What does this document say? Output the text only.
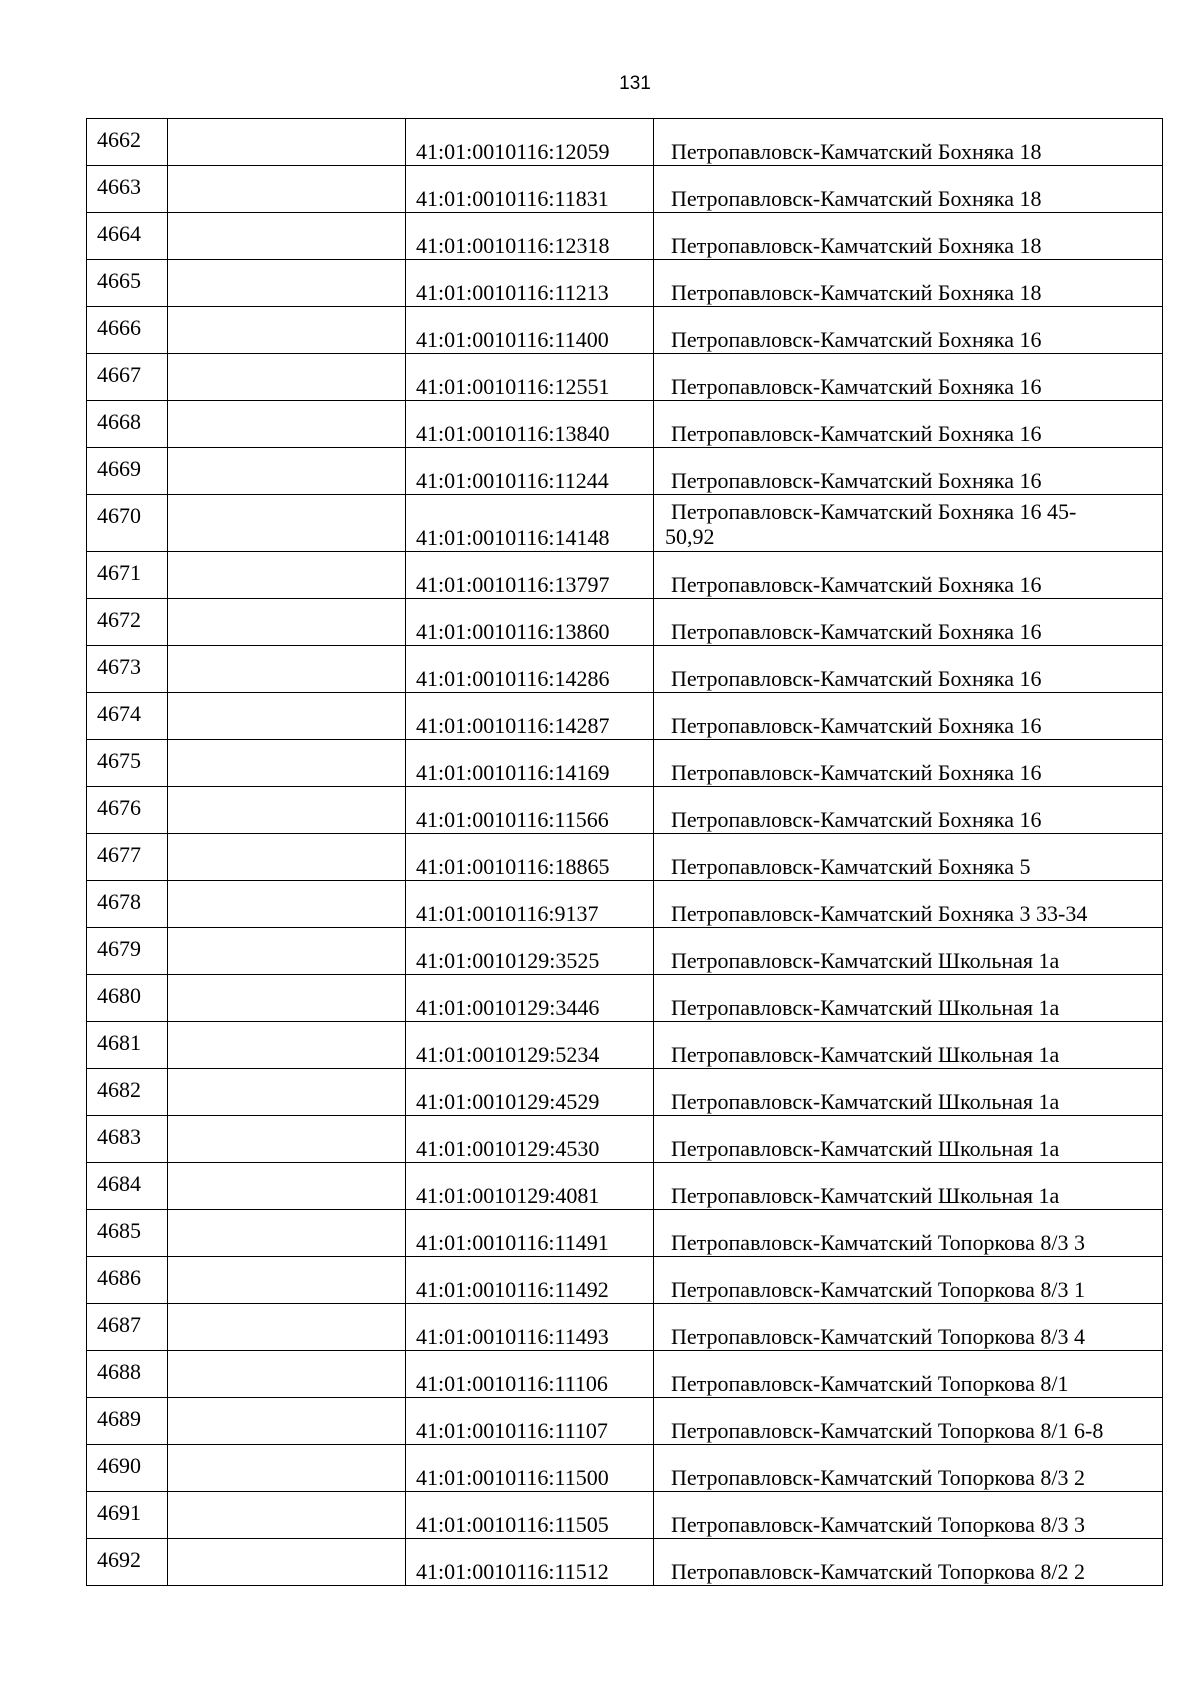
131
4662		41:01:0010116:12059	Петропавловск-Камчатский Бохняка 18

4663		41:01:0010116:11831	Петропавловск-Камчатский Бохняка 18

4664		41:01:0010116:12318	Петропавловск-Камчатский Бохняка 18

4665		41:01:0010116:11213	Петропавловск-Камчатский Бохняка 18

4666		41:01:0010116:11400	Петропавловск-Камчатский Бохняка 16

4667		41:01:0010116:12551	Петропавловск-Камчатский Бохняка 16

4668		41:01:0010116:13840	Петропавловск-Камчатский Бохняка 16

4669		41:01:0010116:11244	Петропавловск-Камчатский Бохняка 16

4670		41:01:0010116:14148	Петропавловск-Камчатский Бохняка 16 45-
50,92

4671		41:01:0010116:13797	Петропавловск-Камчатский Бохняка 16

4672		41:01:0010116:13860	Петропавловск-Камчатский Бохняка 16

4673		41:01:0010116:14286	Петропавловск-Камчатский Бохняка 16

4674		41:01:0010116:14287	Петропавловск-Камчатский Бохняка 16

4675		41:01:0010116:14169	Петропавловск-Камчатский Бохняка 16

4676		41:01:0010116:11566	Петропавловск-Камчатский Бохняка 16

4677		41:01:0010116:18865	Петропавловск-Камчатский Бохняка 5

4678		41:01:0010116:9137	Петропавловск-Камчатский Бохняка 3 33-34

4679		41:01:0010129:3525	Петропавловск-Камчатский Школьная 1а

4680		41:01:0010129:3446	Петропавловск-Камчатский Школьная 1а

4681		41:01:0010129:5234	Петропавловск-Камчатский Школьная 1а

4682		41:01:0010129:4529	Петропавловск-Камчатский Школьная 1а

4683		41:01:0010129:4530	Петропавловск-Камчатский Школьная 1а

4684		41:01:0010129:4081	Петропавловск-Камчатский Школьная 1а

4685		41:01:0010116:11491	Петропавловск-Камчатский Топоркова 8/3 3

4686		41:01:0010116:11492	Петропавловск-Камчатский Топоркова 8/3 1

4687		41:01:0010116:11493	Петропавловск-Камчатский Топоркова 8/3 4

4688		41:01:0010116:11106	Петропавловск-Камчатский Топоркова 8/1

4689		41:01:0010116:11107	Петропавловск-Камчатский Топоркова 8/1 6-8

4690		41:01:0010116:11500	Петропавловск-Камчатский Топоркова 8/3 2

4691		41:01:0010116:11505	Петропавловск-Камчатский Топоркова 8/3 3

4692		41:01:0010116:11512	Петропавловск-Камчатский Топоркова 8/2 2
